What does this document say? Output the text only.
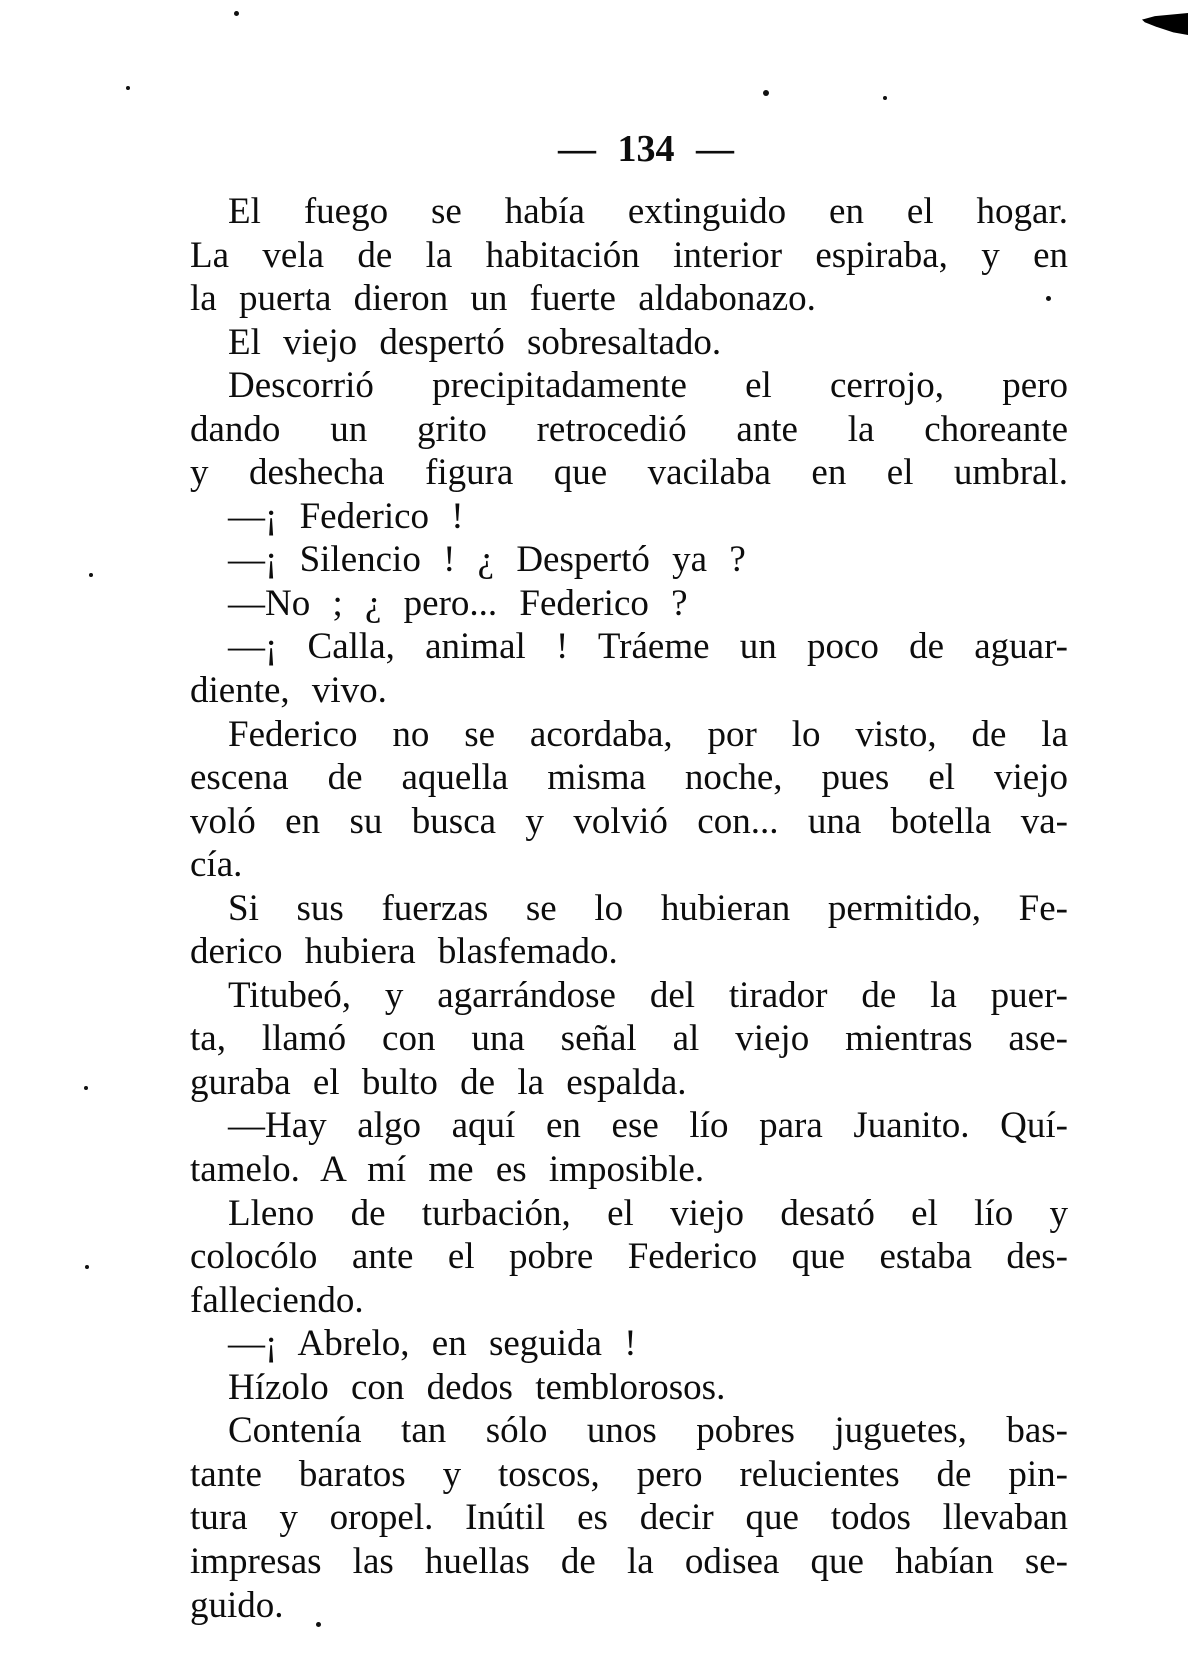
— 134 —
El fuego se había extinguido en el hogar.
La vela de la habitación interior espiraba, y en
la puerta dieron un fuerte aldabonazo.
El viejo despertó sobresaltado.
Descorrió precipitadamente el cerrojo, pero
dando un grito retrocedió ante la choreante
y deshecha figura que vacilaba en el umbral.
—¡ Federico !
—¡ Silencio ! ¿ Despertó ya ?
—No ; ¿ pero... Federico ?
—¡ Calla, animal ! Tráeme un poco de aguar-
diente, vivo.
Federico no se acordaba, por lo visto, de la
escena de aquella misma noche, pues el viejo
voló en su busca y volvió con... una botella va-
cía.
Si sus fuerzas se lo hubieran permitido, Fe-
derico hubiera blasfemado.
Titubeó, y agarrándose del tirador de la puer-
ta, llamó con una señal al viejo mientras ase-
guraba el bulto de la espalda.
—Hay algo aquí en ese lío para Juanito. Quí-
tamelo. A mí me es imposible.
Lleno de turbación, el viejo desató el lío y
colocólo ante el pobre Federico que estaba des-
falleciendo.
—¡ Abrelo, en seguida !
Hízolo con dedos temblorosos.
Contenía tan sólo unos pobres juguetes, bas-
tante baratos y toscos, pero relucientes de pin-
tura y oropel. Inútil es decir que todos llevaban
impresas las huellas de la odisea que habían se-
guido.
